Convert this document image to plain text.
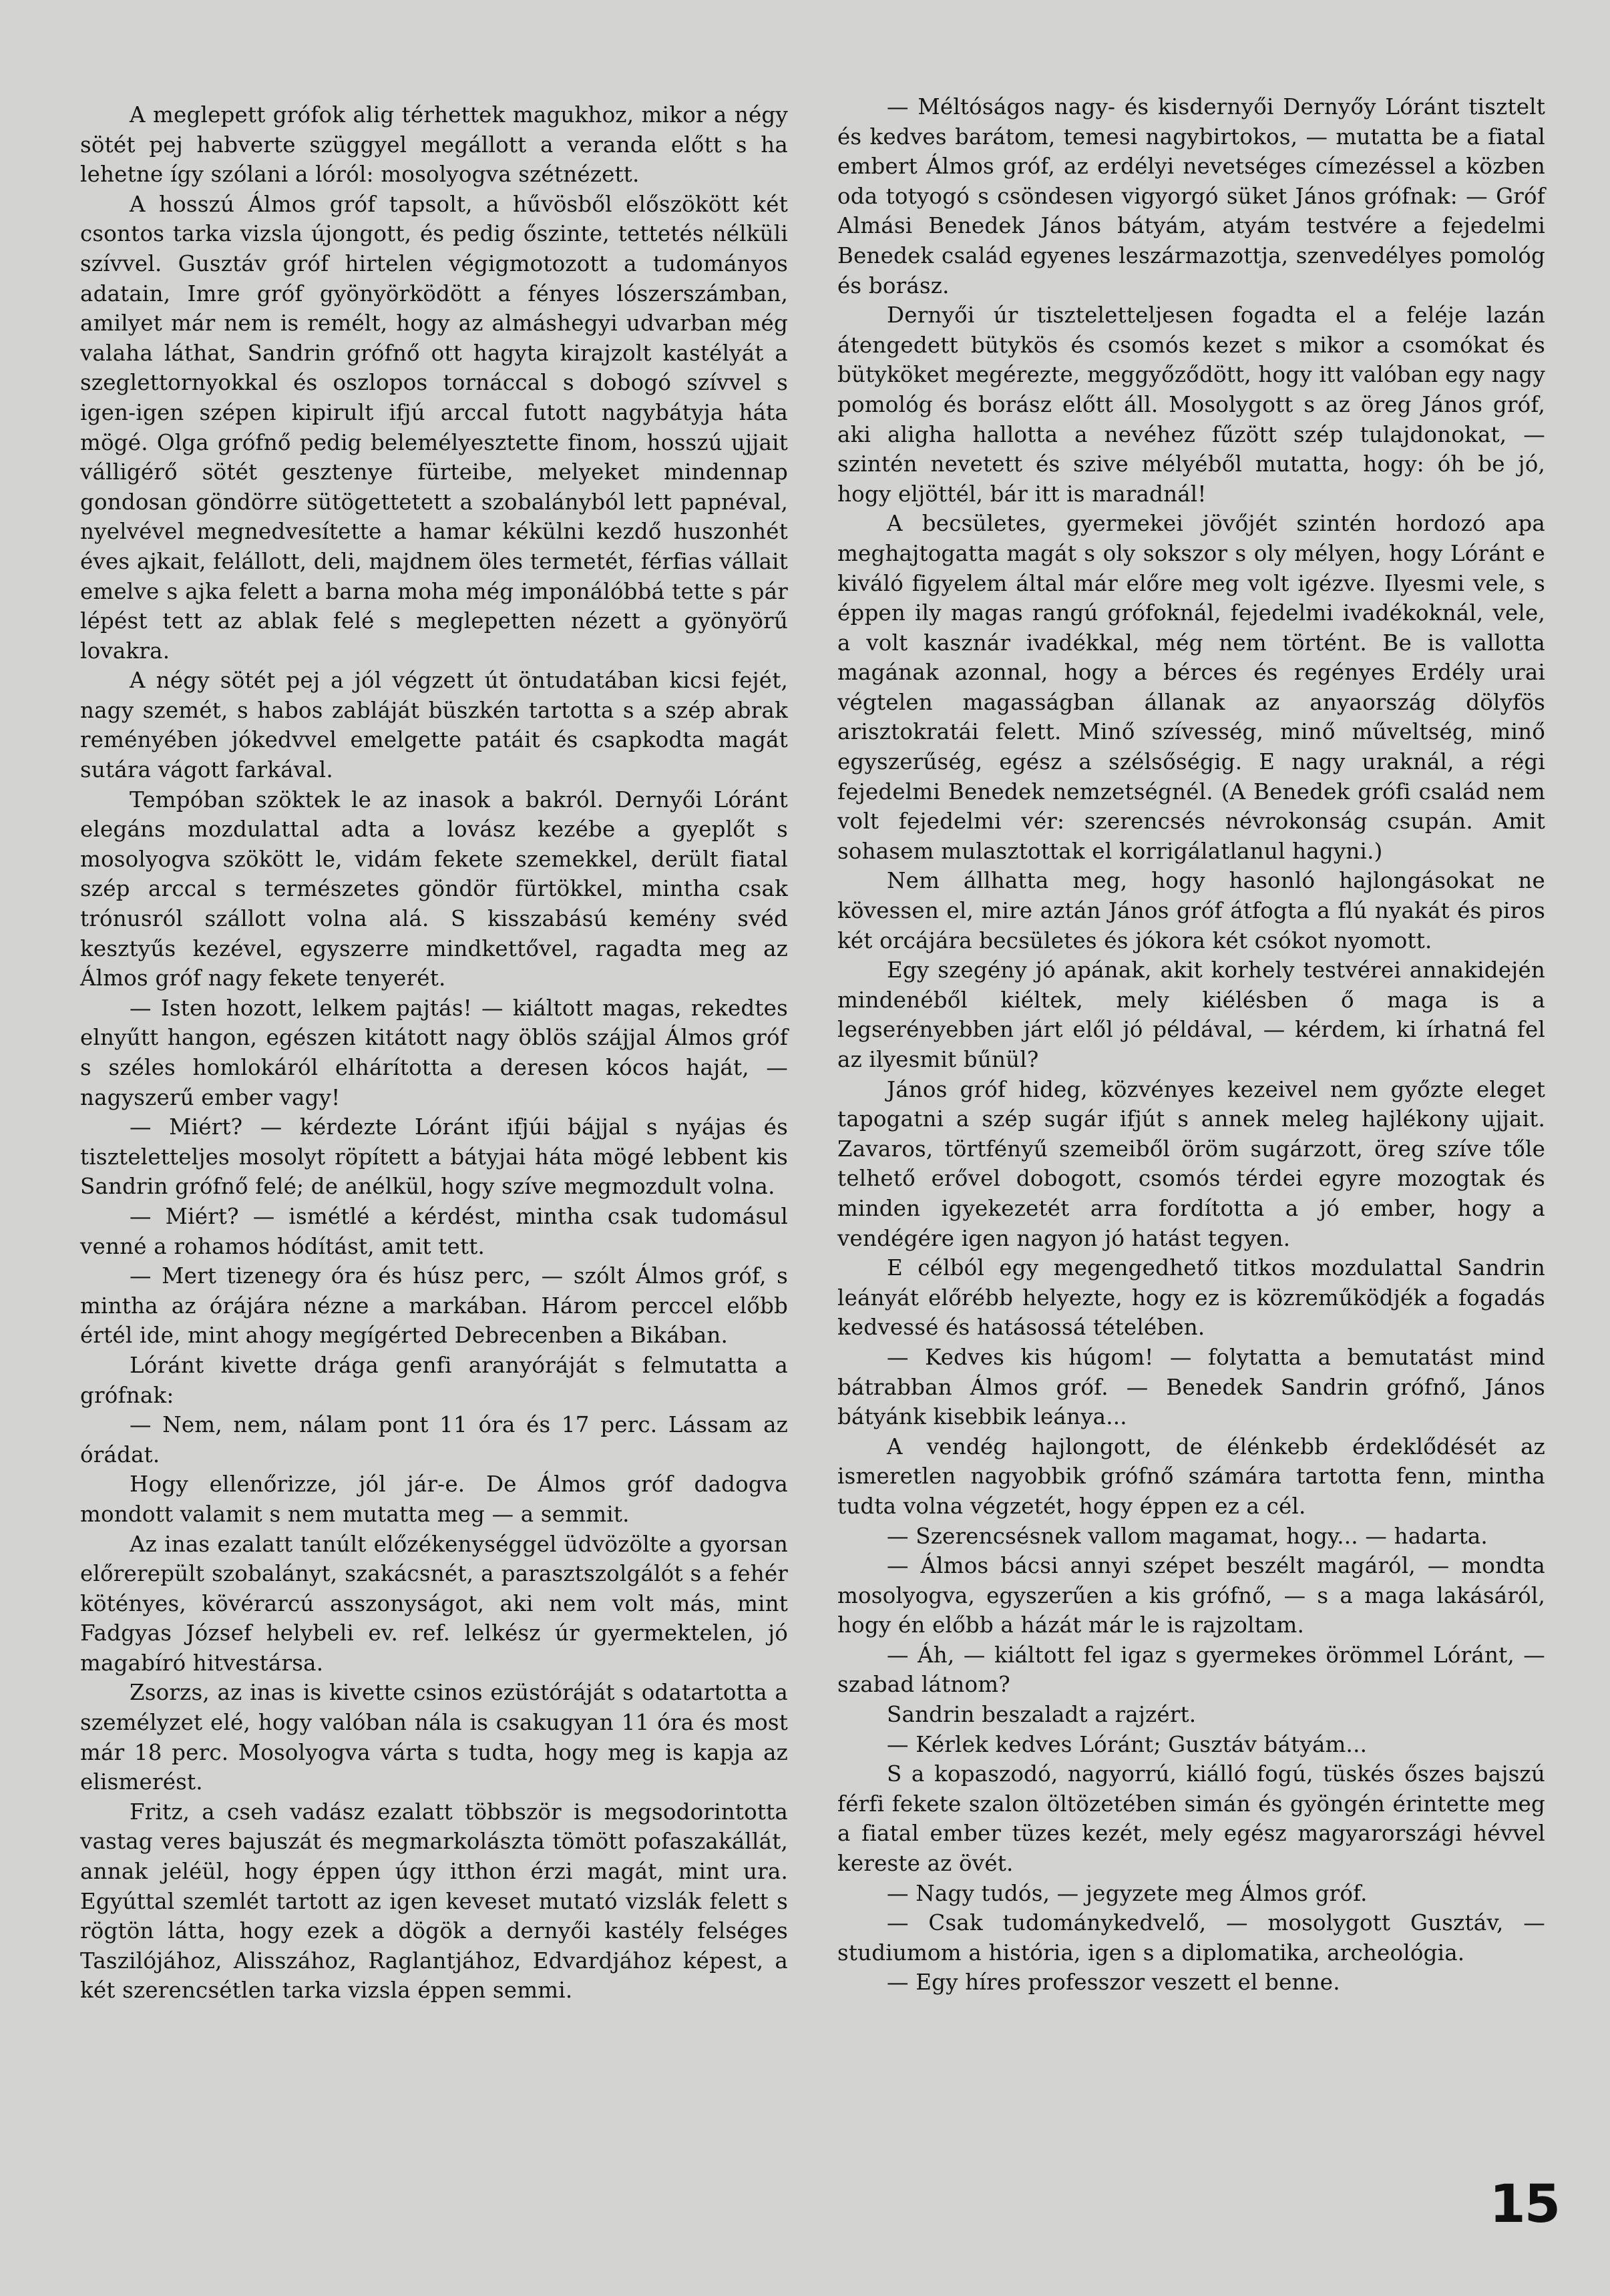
A meglepett grófok alig térhettek magukhoz, mikor a négy sötét pej habverte szüggyel megállott a veranda előtt s ha lehetne így szólani a lóról: mosolyogva szétnézett.

A hosszú Álmos gróf tapsolt, a hűvösből előszökött két csontos tarka vizsla újongott, és pedig őszinte, tettetés nélküli szívvel. Gusztáv gróf hirtelen végigmotozott a tudományos adatain, Imre gróf gyönyörködött a fényes lószerszámban, amilyet már nem is remélt, hogy az almáshegyi udvarban még valaha láthat, Sandrin grófnő ott hagyta kirajzolt kastélyát a szeglettornyokkal és oszlopos tornáccal s dobogó szívvel s igen-igen szépen kipirult ifjú arccal futott nagybátyja háta mögé. Olga grófnő pedig belemélyesztette finom, hosszú ujjait válligérő sötét gesztenye fürteibe, melyeket mindennap gondosan göndörre sütögettetett a szobalányból lett papnéval, nyelvével megnedvesítette a hamar kékülni kezdő huszonhét éves ajkait, felállott, deli, majdnem öles termetét, férfias vállait emelve s ajka felett a barna moha még imponálóbbá tette s pár lépést tett az ablak felé s meglepetten nézett a gyönyörű lovakra.

A négy sötét pej a jól végzett út öntudatában kicsi fejét, nagy szemét, s habos zabláját büszkén tartotta s a szép abrak reményében jókedvvel emelgette patáit és csapkodta magát sutára vágott farkával.

Tempóban szöktek le az inasok a bakról. Dernyői Lóránt elegáns mozdulattal adta a lovász kezébe a gyeplőt s mosolyogva szökött le, vidám fekete szemekkel, derült fiatal szép arccal s természetes göndör fürtökkel, mintha csak trónusról szállott volna alá. S kisszabású kemény svéd kesztyűs kezével, egyszerre mindkettővel, ragadta meg az Álmos gróf nagy fekete tenyerét.

— Isten hozott, lelkem pajtás! — kiáltott magas, rekedtes elnyűtt hangon, egészen kitátott nagy öblös szájjal Álmos gróf s széles homlokáról elhárította a deresen kócos haját, — nagyszerű ember vagy!

— Miért? — kérdezte Lóránt ifjúi bájjal s nyájas és tiszteletteljes mosolyt röpített a bátyjai háta mögé lebbent kis Sandrin grófnő felé; de anélkül, hogy szíve megmozdult volna.

— Miért? — ismétlé a kérdést, mintha csak tudomásul venné a rohamos hódítást, amit tett.

— Mert tizenegy óra és húsz perc, — szólt Álmos gróf, s mintha az órájára nézne a markában. Három perccel előbb értél ide, mint ahogy megígérted Debrecenben a Bikában.

Lóránt kivette drága genfi aranyóráját s felmutatta a grófnak:

— Nem, nem, nálam pont 11 óra és 17 perc. Lássam az órádat.

Hogy ellenőrizze, jól jár-e. De Álmos gróf dadogva mondott valamit s nem mutatta meg — a semmit.

Az inas ezalatt tanúlt előzékenységgel üdvözölte a gyorsan előrerepült szobalányt, szakácsnét, a parasztszolgálót s a fehér kötényes, kövérarcú asszonyságot, aki nem volt más, mint Fadgyas József helybeli ev. ref. lelkész úr gyermektelen, jó magabíró hitvestársa.

Zsorzs, az inas is kivette csinos ezüstóráját s odatartotta a személyzet elé, hogy valóban nála is csakugyan 11 óra és most már 18 perc. Mosolyogva várta s tudta, hogy meg is kapja az elismerést.

Fritz, a cseh vadász ezalatt többször is megsodorintotta vastag veres bajuszát és megmarkolászta tömött pofaszakállát, annak jeléül, hogy éppen úgy itthon érzi magát, mint ura. Egyúttal szemlét tartott az igen keveset mutató vizslák felett s rögtön látta, hogy ezek a dögök a dernyői kastély felséges Taszilójához, Alisszához, Raglantjához, Edvardjához képest, a két szerencsétlen tarka vizsla éppen semmi.

— Méltóságos nagy- és kisdernyői Dernyőy Lóránt tisztelt és kedves barátom, temesi nagybirtokos, — mutatta be a fiatal embert Álmos gróf, az erdélyi nevetséges címezéssel a közben oda totyogó s csöndesen vigyorgó süket János grófnak: — Gróf Almási Benedek János bátyám, atyám testvére a fejedelmi Benedek család egyenes leszármazottja, szenvedélyes pomológ és borász.

Dernyői úr tiszteletteljesen fogadta el a feléje lazán átengedett bütykös és csomós kezet s mikor a csomókat és bütyköket megérezte, meggyőződött, hogy itt valóban egy nagy pomológ és borász előtt áll. Mosolygott s az öreg János gróf, aki aligha hallotta a nevéhez fűzött szép tulajdonokat, — szintén nevetett és szive mélyéből mutatta, hogy: óh be jó, hogy eljöttél, bár itt is maradnál!

A becsületes, gyermekei jövőjét szintén hordozó apa meghajtogatta magát s oly sokszor s oly mélyen, hogy Lóránt e kiváló figyelem által már előre meg volt igézve. Ilyesmi vele, s éppen ily magas rangú grófoknál, fejedelmi ivadékoknál, vele, a volt kasznár ivadékkal, még nem történt. Be is vallotta magának azonnal, hogy a bérces és regényes Erdély urai végtelen magasságban állanak az anyaország dölyfös arisztokratái felett. Minő szívesség, minő műveltség, minő egyszerűség, egész a szélsőségig. E nagy uraknál, a régi fejedelmi Benedek nemzetségnél. (A Benedek grófi család nem volt fejedelmi vér: szerencsés névrokonság csupán. Amit sohasem mulasztottak el korrigálatlanul hagyni.)

Nem állhatta meg, hogy hasonló hajlongásokat ne kövessen el, mire aztán János gróf átfogta a flú nyakát és piros két orcájára becsületes és jókora két csókot nyomott.

Egy szegény jó apának, akit korhely testvérei annakidején mindenéből kiéltek, mely kiélésben ő maga is a legserényebben járt elől jó példával, — kérdem, ki írhatná fel az ilyesmit bűnül?

János gróf hideg, közvényes kezeivel nem győzte eleget tapogatni a szép sugár ifjút s annek meleg hajlékony ujjait. Zavaros, törtfényű szemeiből öröm sugárzott, öreg szíve tőle telhető erővel dobogott, csomós térdei egyre mozogtak és minden igyekezetét arra fordította a jó ember, hogy a vendégére igen nagyon jó hatást tegyen.

E célból egy megengedhető titkos mozdulattal Sandrin leányát előrébb helyezte, hogy ez is közreműködjék a fogadás kedvessé és hatásossá tételében.

— Kedves kis húgom! — folytatta a bemutatást mind bátrabban Álmos gróf. — Benedek Sandrin grófnő, János bátyánk kisebbik leánya...

A vendég hajlongott, de élénkebb érdeklődését az ismeretlen nagyobbik grófnő számára tartotta fenn, mintha tudta volna végzetét, hogy éppen ez a cél.

— Szerencsésnek vallom magamat, hogy... — hadarta.

— Álmos bácsi annyi szépet beszélt magáról, — mondta mosolyogva, egyszerűen a kis grófnő, — s a maga lakásáról, hogy én előbb a házát már le is rajzoltam.

— Áh, — kiáltott fel igaz s gyermekes örömmel Lóránt, — szabad látnom?

Sandrin beszaladt a rajzért.

— Kérlek kedves Lóránt; Gusztáv bátyám...

S a kopaszodó, nagyorrú, kiálló fogú, tüskés őszes bajszú férfi fekete szalon öltözetében simán és gyöngén érintette meg a fiatal ember tüzes kezét, mely egész magyarországi hévvel kereste az övét.

— Nagy tudós, — jegyzete meg Álmos gróf.

— Csak tudománykedvelő, — mosolygott Gusztáv, — studiumom a história, igen s a diplomatika, archeológia.

— Egy híres professzor veszett el benne.

15
